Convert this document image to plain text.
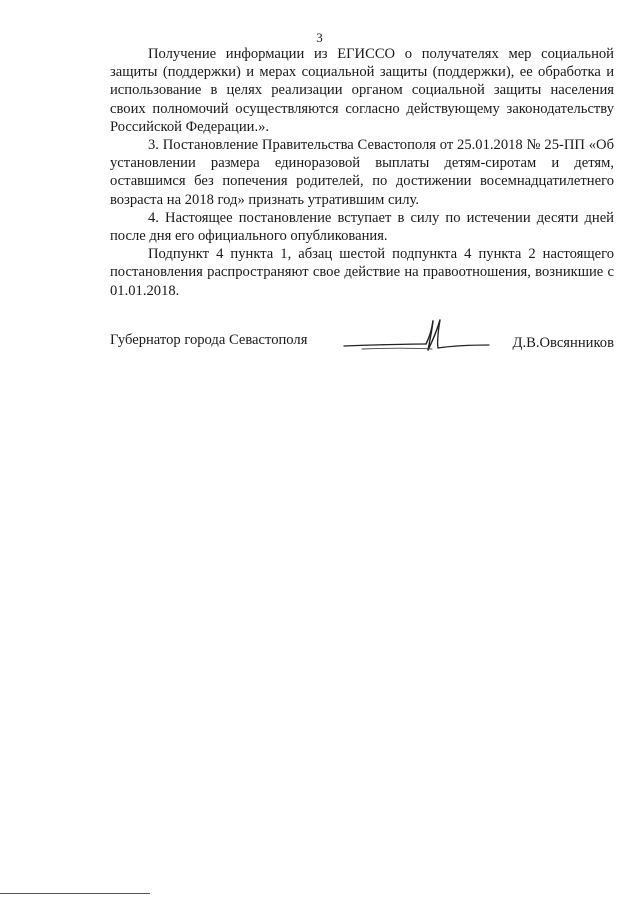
3

Получение информации из ЕГИССО о получателях мер социальной защиты (поддержки) и мерах социальной защиты (поддержки), ее обработка и использование в целях реализации органом социальной защиты населения своих полномочий осуществляются согласно действующему законодательству Российской Федерации.».

3. Постановление Правительства Севастополя от 25.01.2018 № 25-ПП «Об установлении размера единоразовой выплаты детям-сиротам и детям, оставшимся без попечения родителей, по достижении восемнадцатилетнего возраста на 2018 год» признать утратившим силу.

4. Настоящее постановление вступает в силу по истечении десяти дней после дня его официального опубликования.

Подпункт 4 пункта 1, абзац шестой подпункта 4 пункта 2 настоящего постановления распространяют свое действие на правоотношения, возникшие с 01.01.2018.

Губернатор города Севастополя	Д.В.Овсянников
